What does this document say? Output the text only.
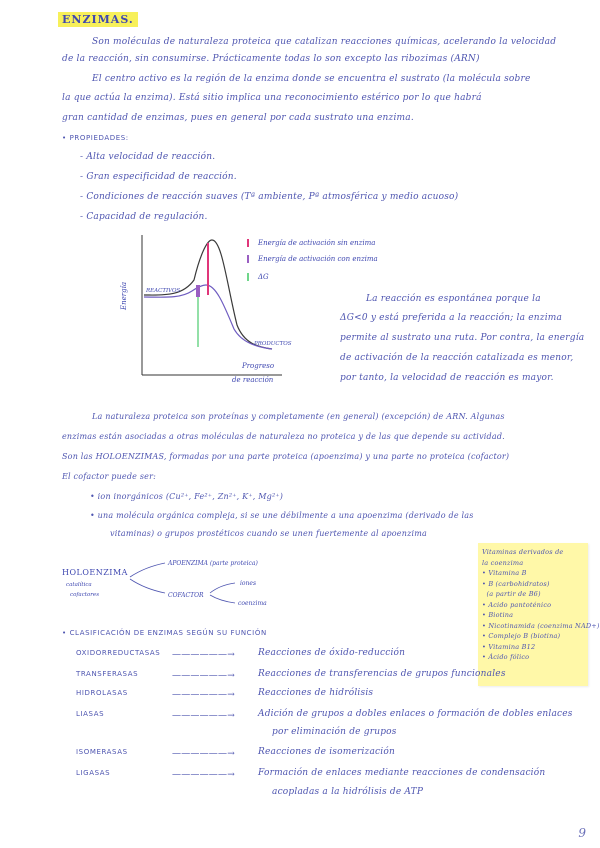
ENZIMAS.
Son moléculas de naturaleza proteica que catalizan reacciones químicas, acelerando la velocidad
de la reacción, sin consumirse. Prácticamente todas lo son excepto las ribozimas (ARN)
El centro activo es la región de la enzima donde se encuentra el sustrato (la molécula sobre
la que actúa la enzima). Está sitio implica una reconocimiento estérico por lo que habrá
gran cantidad de enzimas, pues en general por cada sustrato una enzima.
• PROPIEDADES:
- Alta velocidad de reacción.
- Gran especificidad de reacción.
- Condiciones de reacción suaves (Tª ambiente, Pª atmosférica y medio acuoso)
- Capacidad de regulación.
Energía	REACTIVOS
PRODUCTOS
Progreso
de reacción
Energía de activación sin enzima
Energía de activación con enzima
ΔG
La reacción es espontánea porque la
ΔG<0 y está preferida a la reacción; la enzima
permite al sustrato una ruta. Por contra, la energía
de activación de la reacción catalizada es menor,
por tanto, la velocidad de reacción es mayor.
La naturaleza proteica son proteínas y completamente (en general) (excepción) de ARN. Algunas
enzimas están asociadas a otras moléculas de naturaleza no proteica y de las que depende su actividad.
Son las HOLOENZIMAS, formadas por una parte proteica (apoenzima) y una parte no proteica (cofactor)
El cofactor puede ser:
• ion inorgánicos (Cu²⁺, Fe²⁺, Zn²⁺, K⁺, Mg²⁺)
• una molécula orgánica compleja, si se une débilmente a una apoenzima (derivado de las
vitaminas) o grupos prostéticos cuando se unen fuertemente al apoenzima
HOLOENZIMA
catalítica
cofactores
APOENZIMA (parte proteica)
COFACTOR
iones
coenzima
Vitaminas derivados de
la coenzima
• Vitamina B
• B (carbohidratos)
(a partir de B6)
• Acido pantoténico
• Biotina
• Nicotinamida (coenzima NAD+)
• Complejo B (biotina)
• Vitamina B12
• Ácido fólico
• CLASIFICACIÓN DE ENZIMAS SEGÚN SU FUNCIÓN
OXIDORREDUCTASAS ——————→	Reacciones de óxido-reducción
TRANSFERASAS	——————→	Reacciones de transferencias de grupos funcionales
HIDROLASAS	——————→	Reacciones de hidrólisis
LIASAS	——————→	Adición de grupos a dobles enlaces o formación de dobles enlaces
por eliminación de grupos
ISOMERASAS	——————→	Reacciones de isomerización
LIGASAS	——————→	Formación de enlaces mediante reacciones de condensación
acopladas a la hidrólisis de ATP
9
